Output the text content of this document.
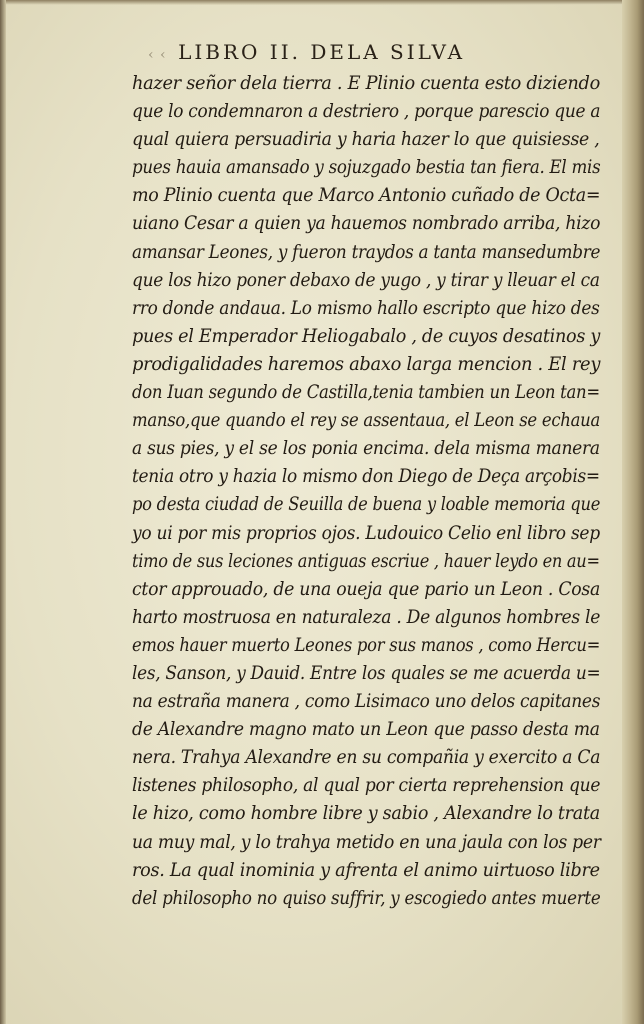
‹ ‹ LIBRO II. DELA SILVA
hazer señor dela tierra . E Plinio cuenta esto diziendo
que lo condemnaron a destriero , porque parescio que a
qual quiera persuadiria y haria hazer lo que quisiesse ,
pues hauia amansado y sojuzgado bestia tan fiera. El mis
mo Plinio cuenta que Marco Antonio cuñado de Octa=
uiano Cesar a quien ya hauemos nombrado arriba, hizo
amansar Leones, y fueron traydos a tanta mansedumbre
que los hizo poner debaxo de yugo , y tirar y lleuar el ca
rro donde andaua. Lo mismo hallo escripto que hizo des
pues el Emperador Heliogabalo , de cuyos desatinos y
prodigalidades haremos abaxo larga mencion . El rey
don Iuan segundo de Castilla,tenia tambien un Leon tan=
manso,que quando el rey se assentaua, el Leon se echaua
a sus pies, y el se los ponia encima. dela misma manera
tenia otro y hazia lo mismo don Diego de Deça arçobis=
po desta ciudad de Seuilla de buena y loable memoria que
yo ui por mis proprios ojos. Ludouico Celio enl libro sep
timo de sus leciones antiguas escriue , hauer leydo en au=
ctor approuado, de una oueja que pario un Leon . Cosa
harto mostruosa en naturaleza . De algunos hombres le
emos hauer muerto Leones por sus manos , como Hercu=
les, Sanson, y Dauid. Entre los quales se me acuerda u=
na estraña manera , como Lisimaco uno delos capitanes
de Alexandre magno mato un Leon que passo desta ma
nera. Trahya Alexandre en su compañia y exercito a Ca
listenes philosopho, al qual por cierta reprehension que
le hizo, como hombre libre y sabio , Alexandre lo trata
ua muy mal, y lo trahya metido en una jaula con los per
ros. La qual inominia y afrenta el animo uirtuoso libre
del philosopho no quiso suffrir, y escogiedo antes muerte
